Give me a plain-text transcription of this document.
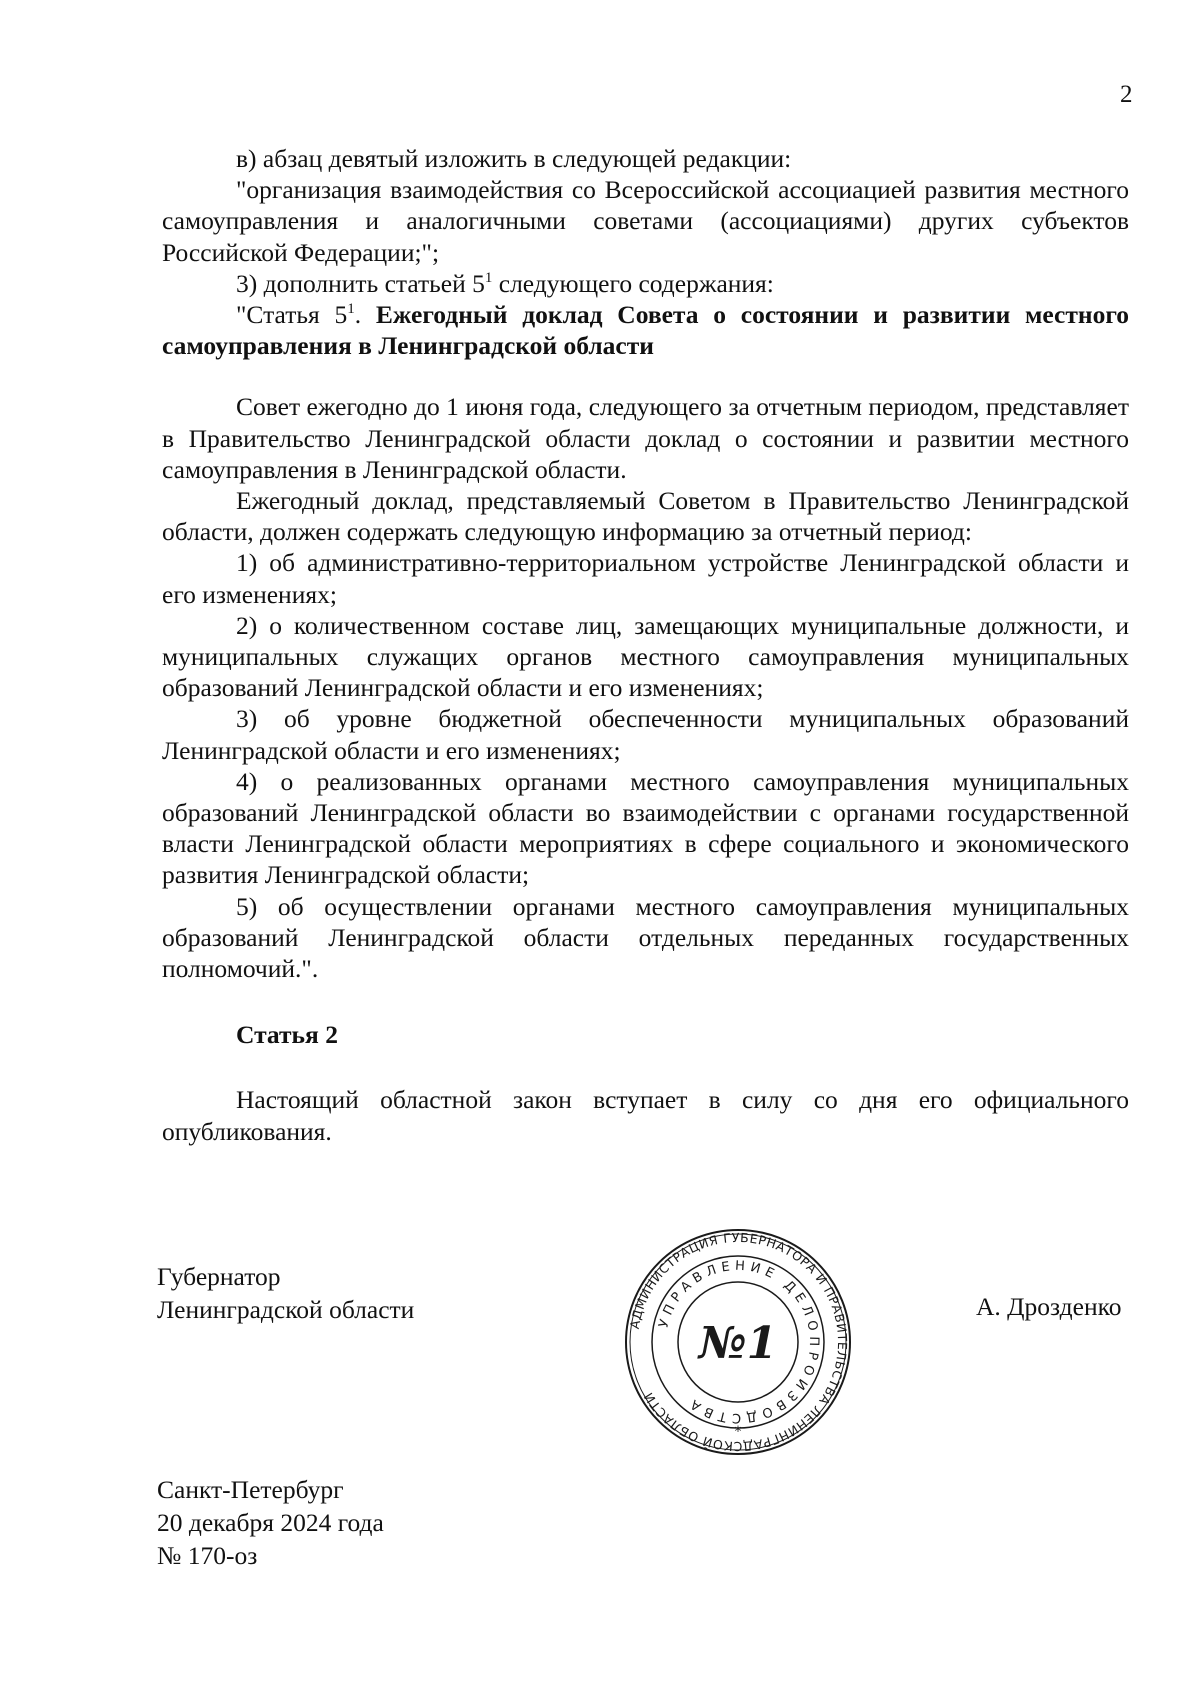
2

в) абзац девятый изложить в следующей редакции:

"организация взаимодействия со Всероссийской ассоциацией развития местного самоуправления и аналогичными советами (ассоциациями) других субъектов Российской Федерации;";

3) дополнить статьей $5^1$ следующего содержания:

"Статья $5^1$. Ежегодный доклад Совета о состоянии и развитии местного самоуправления в Ленинградской области

Совет ежегодно до 1 июня года, следующего за отчетным периодом, представляет в Правительство Ленинградской области доклад о состоянии и развитии местного самоуправления в Ленинградской области.

Ежегодный доклад, представляемый Советом в Правительство Ленинградской области, должен содержать следующую информацию за отчетный период:

1) об административно-территориальном устройстве Ленинградской области и его изменениях;

2) о количественном составе лиц, замещающих муниципальные должности, и муниципальных служащих органов местного самоуправления муниципальных образований Ленинградской области и его изменениях;

3) об уровне бюджетной обеспеченности муниципальных образований Ленинградской области и его изменениях;

4) о реализованных органами местного самоуправления муниципальных образований Ленинградской области во взаимодействии с органами государственной власти Ленинградской области мероприятиях в сфере социального и экономического развития Ленинградской области;

5) об осуществлении органами местного самоуправления муниципальных образований Ленинградской области отдельных переданных государственных полномочий.".

Статья 2

Настоящий областной закон вступает в силу со дня его официального опубликования.

Губернатор
Ленинградской области	А. Дрозденко
АДМИНИСТРАЦИЯ ГУБЕРНАТОРА И ПРАВИТЕЛЬСТВА ЛЕНИНГРАДСКОЙ ОБЛАСТИ
УПРАВЛЕНИЕ ДЕЛОПРОИЗВОДСТВА
№1
*
Санкт-Петербург
20 декабря 2024 года
№ 170-оз
